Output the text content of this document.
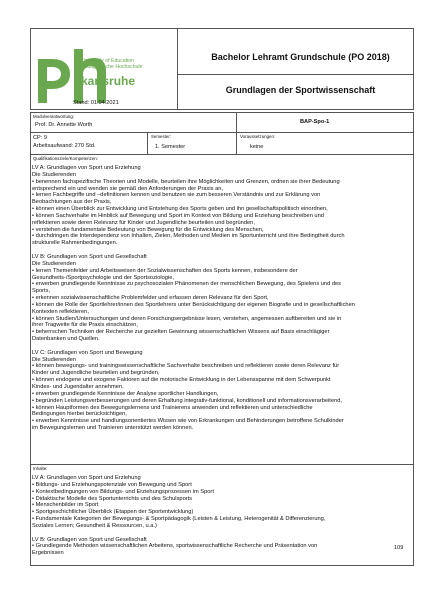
University of Education
Pädagogische Hochschule
karlsruhe
Stand: 01.04.2021
Bachelor Lehramt Grundschule (PO 2018)
Grundlagen der Sportwissenschaft
Modulverantwortung:
Prof. Dr. Annette Worth	BAP-Spo-1
CP: 9
Arbeitsaufwand: 270 Std.
Semester:
1. Semester
Voraussetzungen:
keine
Qualifikationsziele/Kompetenzen:
LV A: Grundlagen von Sport und Erziehung
Die Studierenden
• benennen fachspezifische Theorien und Modelle, beurteilen ihre Möglichkeiten und Grenzen, ordnen sie ihrer Bedeutung
entsprechend ein und wenden sie gemäß den Anforderungen der Praxis an,
• lernen Fachbegriffe und –definitionen kennen und benutzen sie zum besseren Verständnis und zur Erklärung von
Beobachtungen aus der Praxis,
• können einen Überblick zur Entwicklung und Entstehung des Sports geben und ihn gesellschaftspolitisch einordnen,
• können Sachverhalte im Hinblick auf Bewegung und Sport im Kontext von Bildung und Erziehung beschreiben und
reflektieren sowie deren Relevanz für Kinder und Jugendliche beurteilen und begründen,
• verstehen die fundamentale Bedeutung von Bewegung für die Entwicklung des Menschen,
• durchdringen die Interdependenz von Inhalten, Zielen, Methoden und Medien im Sportunterricht und ihre Bedingtheit durch
strukturelle Rahmenbedingungen.
LV B: Grundlagen von Sport und Gesellschaft
Die Studierenden
• lernen Themenfelder und Arbeitsweisen der Sozialwissenschaften des Sports kennen, insbesondere der
Gesundheits-/Sportpsychologie und der Sportsoziologie,
• erwerben grundlegende Kenntnisse zu psychosozialen Phänomenen der menschlichen Bewegung, des Spielens und des
Sports,
• erkennen sozialwissenschaftliche Problemfelder und erfassen deren Relevanz für den Sport,
• können die Rolle der Sportlehrer/innen des Sportlehrers unter Berücksichtigung der eigenen Biografie und in gesellschaftlichen
Kontexten reflektieren,
• können Studien/Untersuchungen und deren Forschungsergebnisse lesen, verstehen, angemessen auftbereiten und sie in
ihrer Tragweite für die Praxis einschätzen,
• beherrschen Techniken der Recherche zur gezielten Gewinnung wissenschaftlichen Wissens auf Basis einschlägiger
Datenbanken und Quellen.
LV C: Grundlagen von Sport und Bewegung
Die Studierenden
• können bewegungs- und trainingswissenschaftliche Sachverhalte beschreiben und reflektieren sowie deren Relevanz für
Kinder und Jugendliche beurteilen und begründen,
• können endogene und exogene Faktoren auf die motorische Entwicklung in der Lebensspanne mit dem Schwerpunkt
Kindes- und Jugendalter annehmen,
• erwerben grundlegende Kenntnisse der Analyse sportlicher Handlungen,
• begründen Leistungsverbesserungen und deren Erhaltung integrativ-funktional, konditionell und informationsverarbeitend,
• können Hauptformen des Bewegungslernens und Trainierens anwenden und reflektieren und unterschiedliche
Bedingungen hierbei berücksichtigen,
• erwerben Kenntnisse und handlungsorientiertes Wissen wie von Erkrankungen und Behinderungen betroffene Schulkinder
im Bewegungslernen und Trainieren unterstützt werden können.
Inhalte:
LV A: Grundlagen von Sport und Erziehung
• Bildungs- und Erziehungspotenziale von Bewegung und Sport
• Kontextbedingungen von Bildungs- und Erziehungsprozessen im Sport
• Didaktische Modelle des Sportunterrichts und des Schulsports
• Menschenbilder im Sport
• Sportgeschichtlicher Überblick (Etappen der Sportentwicklung)
• Fundamentale Kategorien der Bewegungs- & Sportpädagogik (Leisten & Leistung, Heterogenität & Differenzierung,
Soziales Lernen; Gesundheit & Ressourcen, u.a.)
LV B: Grundlagen von Sport und Gesellschaft
• Grundlegende Methoden wissenschaftlichen Arbeitens, sportwissenschaftliche Recherche und Präsentation von
Ergebnissen
109
